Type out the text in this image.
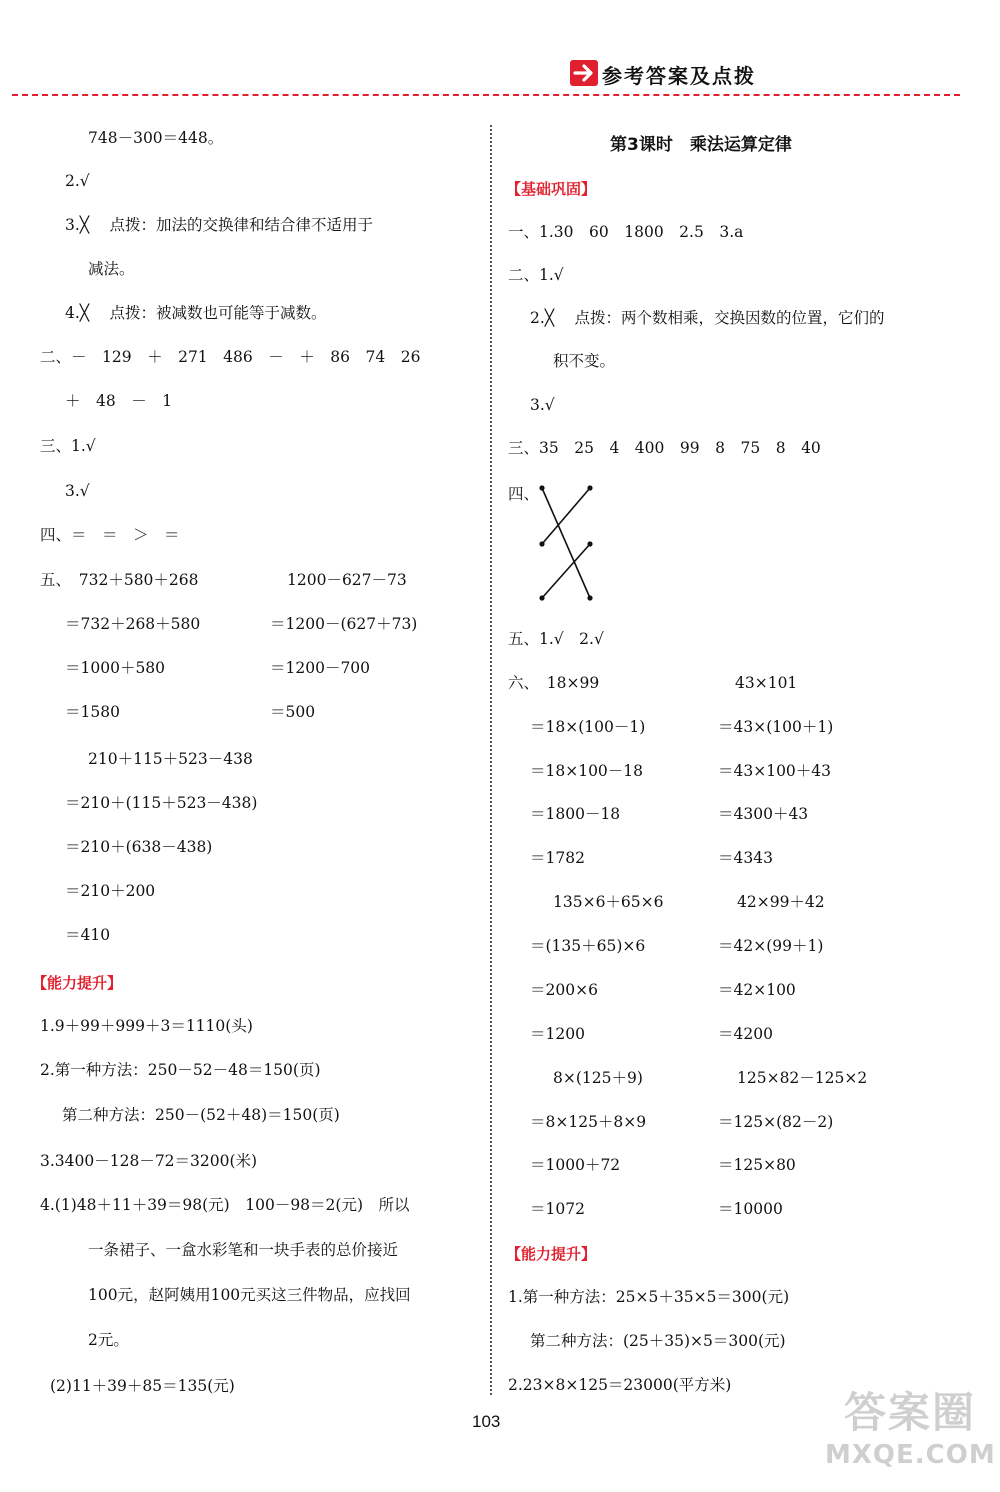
参考答案及点拨
748－300＝448。
2.√
3.╳　 点拨：加法的交换律和结合律不适用于
减法。
4.╳　 点拨：被减数也可能等于减数。
二、－　129　＋　271　486　－　＋　86　74　26
＋　48　－　1
三、1.√
3.√
四、＝　＝　＞　＝
五、　732＋580＋268	1200－627－73
＝732＋268＋580	＝1200－(627＋73)
＝1000＋580	＝1200－700
＝1580	＝500
210＋115＋523－438
＝210＋(115＋523－438)
＝210＋(638－438)
＝210＋200
＝410
【能力提升】
1.9＋99＋999＋3＝1110(头)
2.第一种方法：250－52－48＝150(页)
第二种方法：250－(52＋48)＝150(页)
3.3400－128－72＝3200(米)
4.(1)48＋11＋39＝98(元)　100－98＝2(元)　所以
一条裙子、一盒水彩笔和一块手表的总价接近
100元，赵阿姨用100元买这三件物品，应找回
2元。
(2)11＋39＋85＝135(元)
第3课时　乘法运算定律
【基础巩固】
一、1.30　60　1800　2.5　3.a
二、1.√
2.╳　 点拨：两个数相乘，交换因数的位置，它们的
积不变。
3.√
三、35　25　4　400　99　8　75　8　40
四、
五、1.√　2.√
六、　18×99	43×101
＝18×(100－1)	＝43×(100＋1)
＝18×100－18	＝43×100＋43
＝1800－18	＝4300＋43
＝1782	＝4343
135×6＋65×6	42×99＋42
＝(135＋65)×6	＝42×(99＋1)
＝200×6	＝42×100
＝1200	＝4200
8×(125＋9)	125×82－125×2
＝8×125＋8×9	＝125×(82－2)
＝1000＋72	＝125×80
＝1072	＝10000
【能力提升】
1.第一种方法：25×5＋35×5＝300(元)
第二种方法：(25＋35)×5＝300(元)
2.23×8×125＝23000(平方米)
103	答案圈
MXQE.COM
